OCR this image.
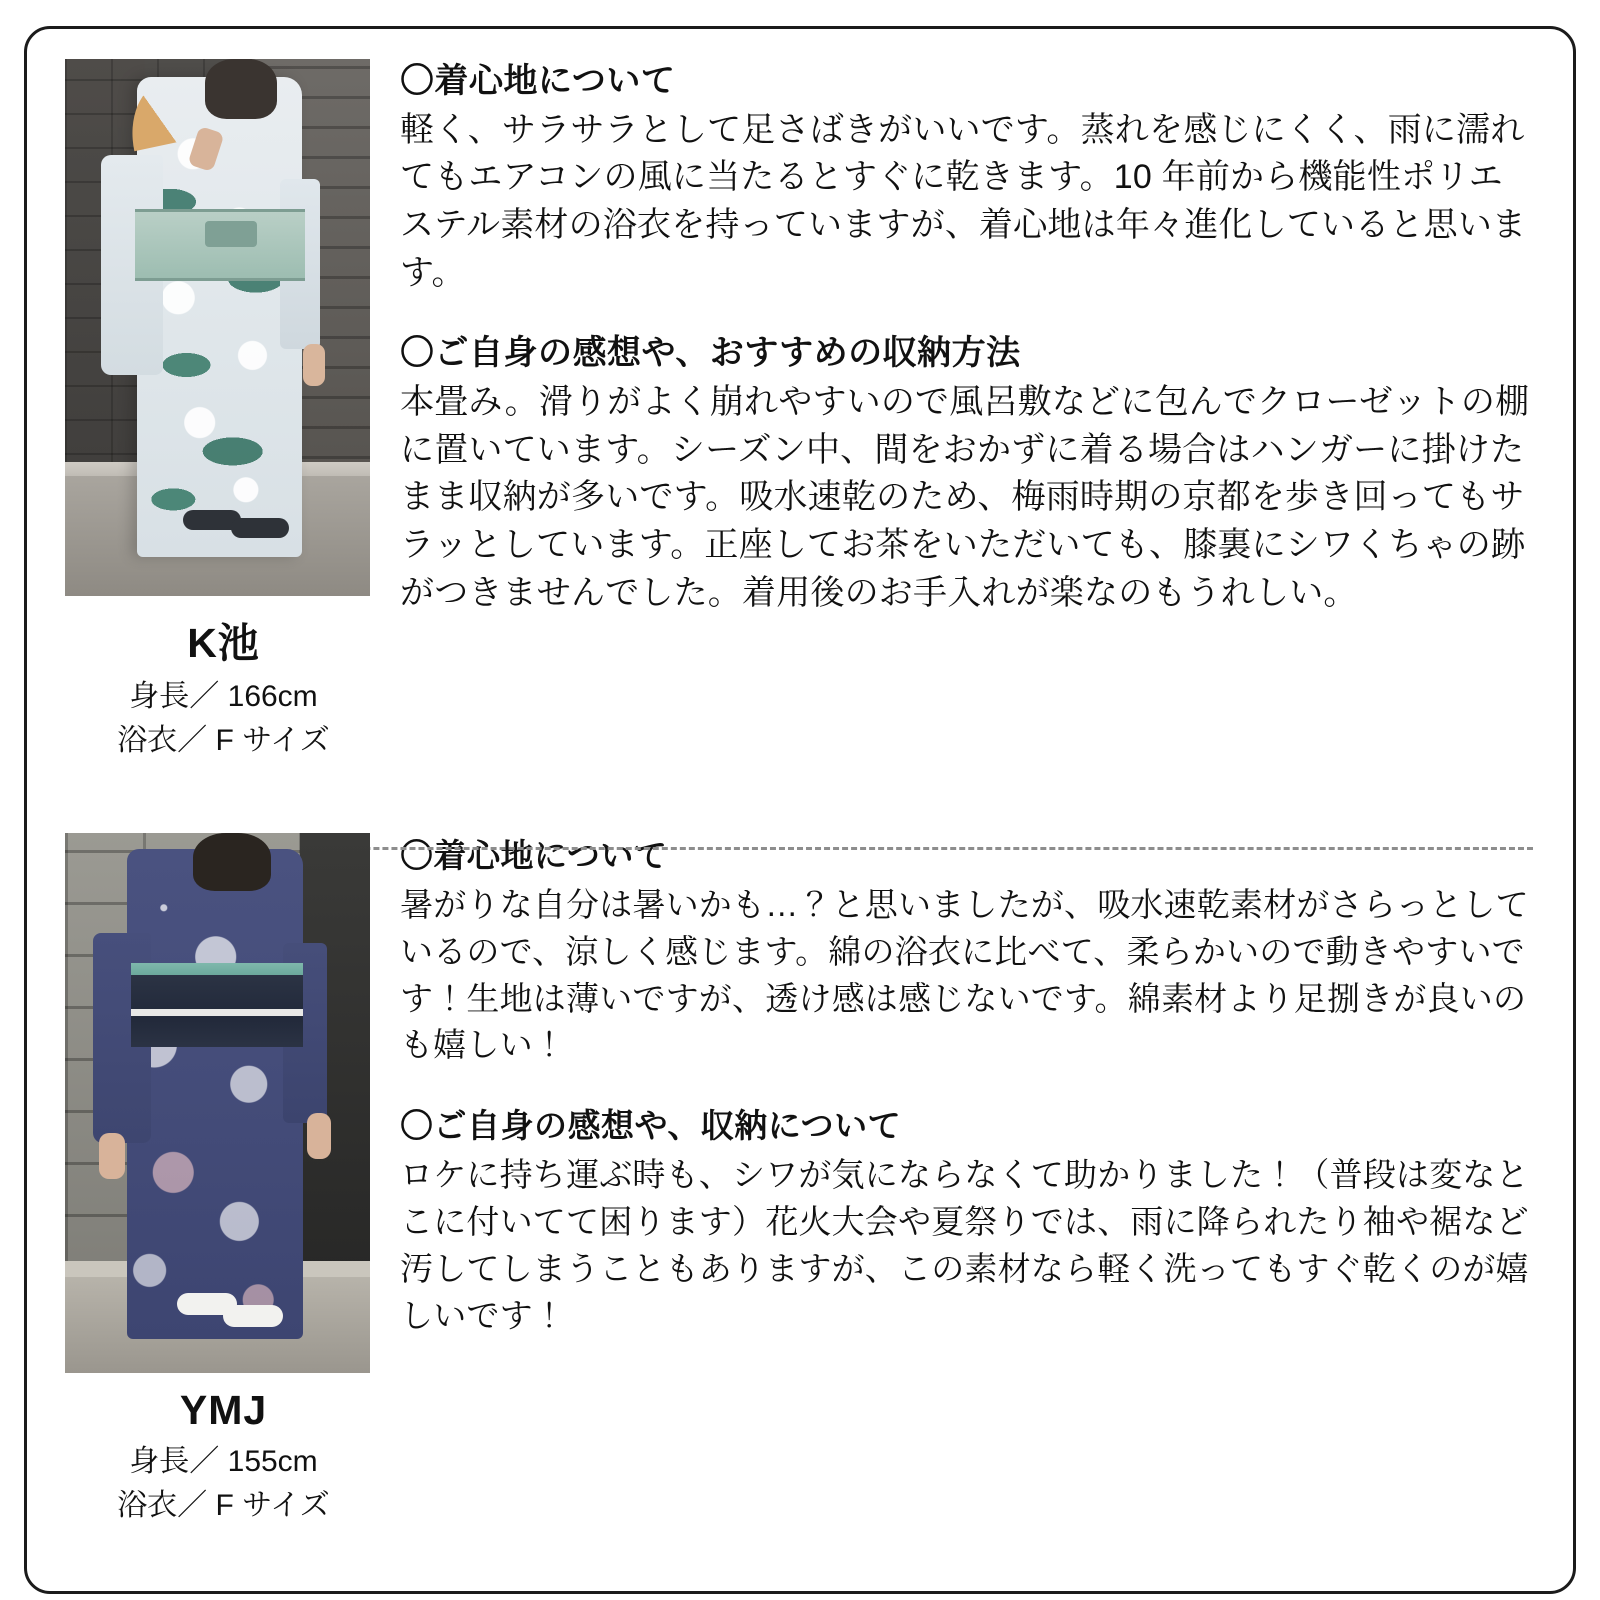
K池
身長／ 166cm
浴衣／ F サイズ

〇着心地について

軽く、サラサラとして足さばきがいいです。蒸れを感じにくく、雨に濡れてもエアコンの風に当たるとすぐに乾きます。10 年前から機能性ポリエステル素材の浴衣を持っていますが、着心地は年々進化していると思います。

〇ご自身の感想や、おすすめの収納方法

本畳み。滑りがよく崩れやすいので風呂敷などに包んでクローゼットの棚に置いています。シーズン中、間をおかずに着る場合はハンガーに掛けたまま収納が多いです。吸水速乾のため、梅雨時期の京都を歩き回ってもサラッとしています。正座してお茶をいただいても、膝裏にシワくちゃの跡がつきませんでした。着用後のお手入れが楽なのもうれしい。

YMJ
身長／ 155cm
浴衣／ F サイズ

〇着心地について

暑がりな自分は暑いかも…？と思いましたが、吸水速乾素材がさらっとしているので、涼しく感じます。綿の浴衣に比べて、柔らかいので動きやすいです！生地は薄いですが、透け感は感じないです。綿素材より足捌きが良いのも嬉しい！

〇ご自身の感想や、収納について

ロケに持ち運ぶ時も、シワが気にならなくて助かりました！（普段は変なとこに付いてて困ります）花火大会や夏祭りでは、雨に降られたり袖や裾など汚してしまうこともありますが、この素材なら軽く洗ってもすぐ乾くのが嬉しいです！
